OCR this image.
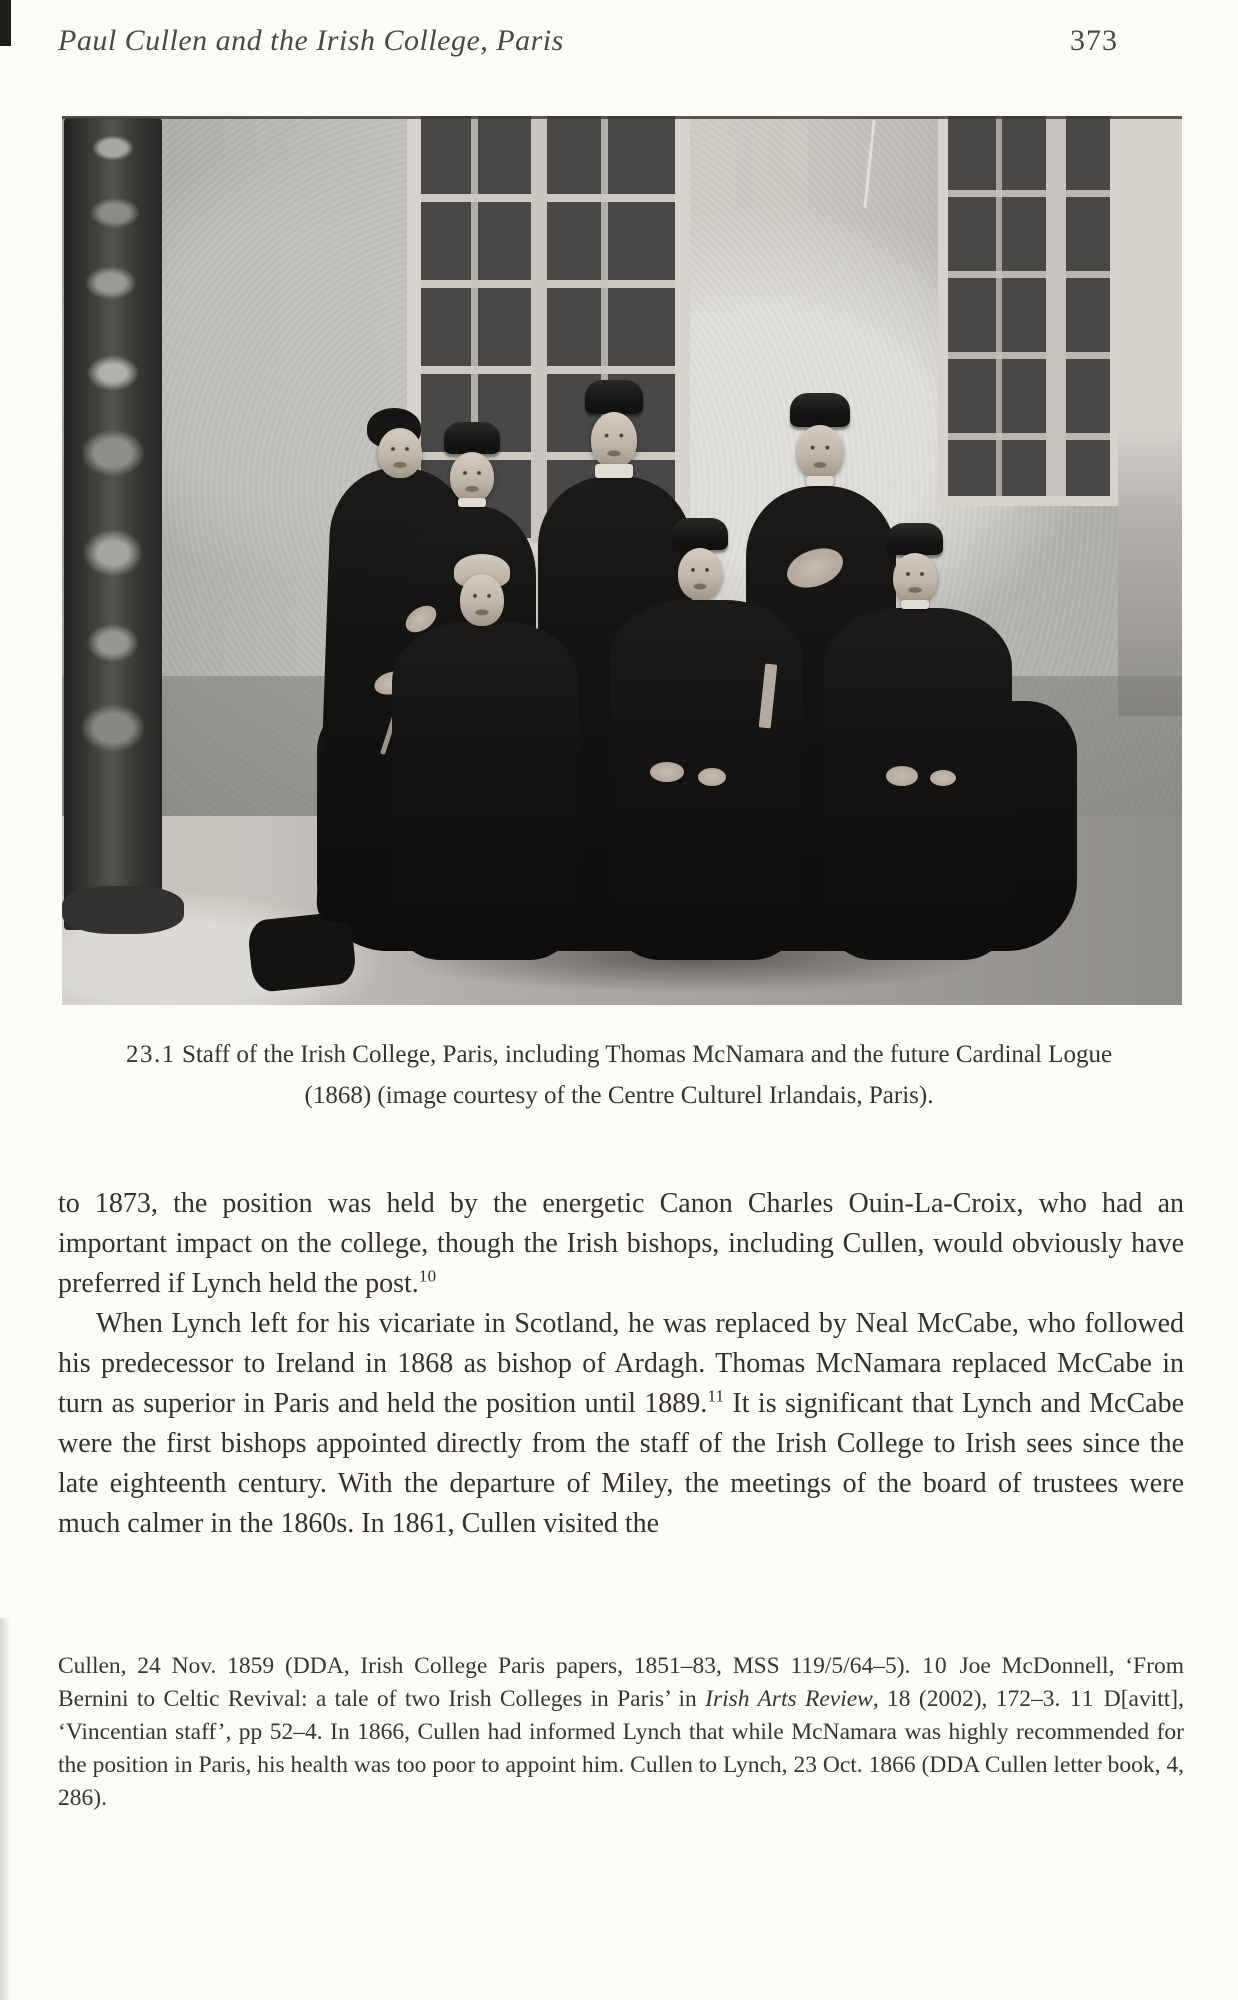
Paul Cullen and the Irish College, Paris	373
23.1 Staff of the Irish College, Paris, including Thomas McNamara and the future Cardinal Logue (1868) (image courtesy of the Centre Culturel Irlandais, Paris).

to 1873, the position was held by the energetic Canon Charles Ouin-La-Croix, who had an important impact on the college, though the Irish bishops, including Cullen, would obviously have preferred if Lynch held the post.$^{10}$

When Lynch left for his vicariate in Scotland, he was replaced by Neal McCabe, who followed his predecessor to Ireland in 1868 as bishop of Ardagh. Thomas McNamara replaced McCabe in turn as superior in Paris and held the position until 1889.11 It is significant that Lynch and McCabe were the first bishops appointed directly from the staff of the Irish College to Irish sees since the late eighteenth century. With the departure of Miley, the meetings of the board of trustees were much calmer in the 1860s. In 1861, Cullen visited the

Cullen, 24 Nov. 1859 (DDA, Irish College Paris papers, 1851–83, MSS 119/5/64–5). 10 Joe McDonnell, ‘From Bernini to Celtic Revival: a tale of two Irish Colleges in Paris’ in Irish Arts Review, 18 (2002), 172–3. 11 D[avitt], ‘Vincentian staff’, pp 52–4. In 1866, Cullen had informed Lynch that while McNamara was highly recommended for the position in Paris, his health was too poor to appoint him. Cullen to Lynch, 23 Oct. 1866 (DDA Cullen letter book, 4, 286).
